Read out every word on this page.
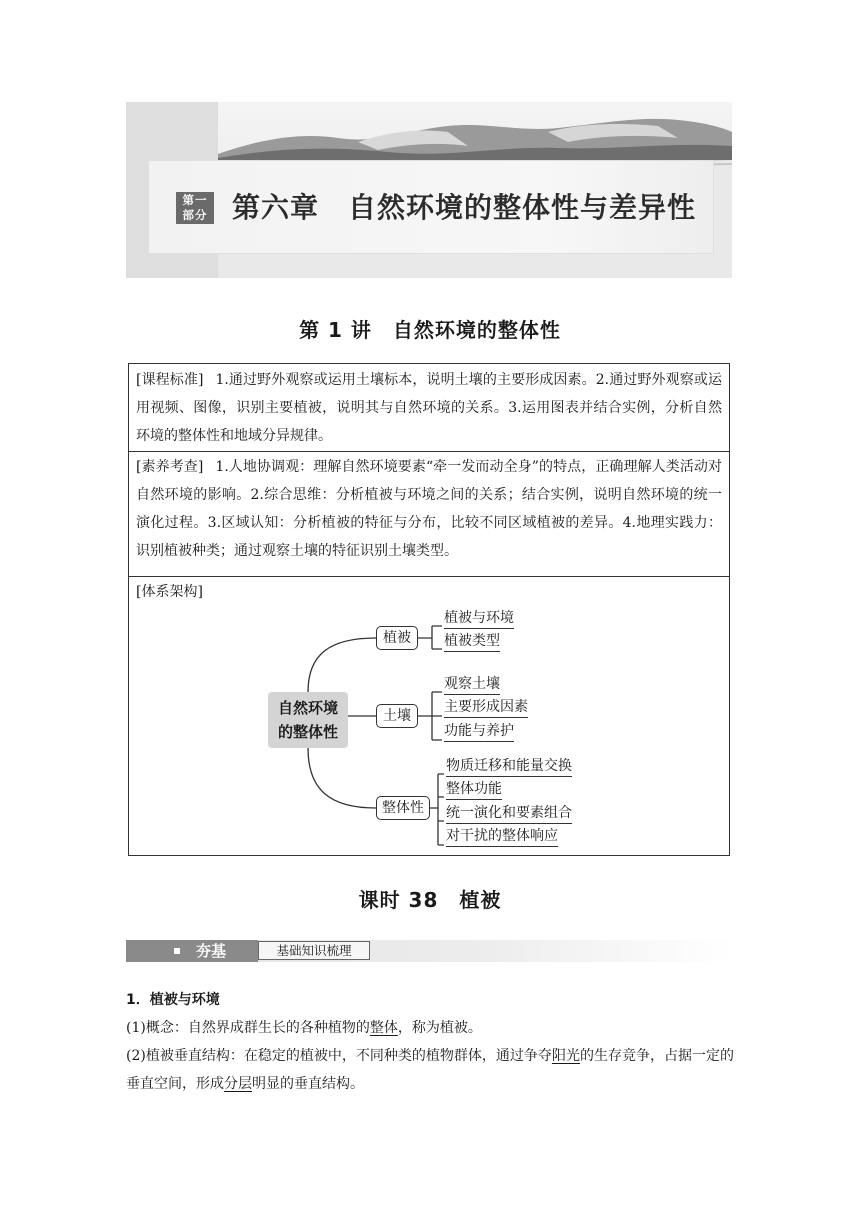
第一
部分 第六章　自然环境的整体性与差异性
第 1 讲　自然环境的整体性
[课程标准] 1.通过野外观察或运用土壤标本，说明土壤的主要形成因素。2.通过野外观察或运用视频、图像，识别主要植被，说明其与自然环境的关系。3.运用图表并结合实例，分析自然环境的整体性和地域分异规律。
[素养考查] 1.人地协调观：理解自然环境要素“牵一发而动全身”的特点，正确理解人类活动对自然环境的影响。2.综合思维：分析植被与环境之间的关系；结合实例，说明自然环境的统一演化过程。3.区域认知：分析植被的特征与分布，比较不同区域植被的差异。4.地理实践力：识别植被种类；通过观察土壤的特征识别土壤类型。
[体系架构]
自然环境
的整体性
植被
土壤
整体性
植被与环境
植被类型
观察土壤
主要形成因素
功能与养护
物质迁移和能量交换
整体功能
统一演化和要素组合
对干扰的整体响应
课时 38　植被
夯基	基础知识梳理

1．植被与环境

(1)概念：自然界成群生长的各种植物的整体，称为植被。

(2)植被垂直结构：在稳定的植被中，不同种类的植物群体，通过争夺阳光的生存竞争，占据一定的垂直空间，形成分层明显的垂直结构。
